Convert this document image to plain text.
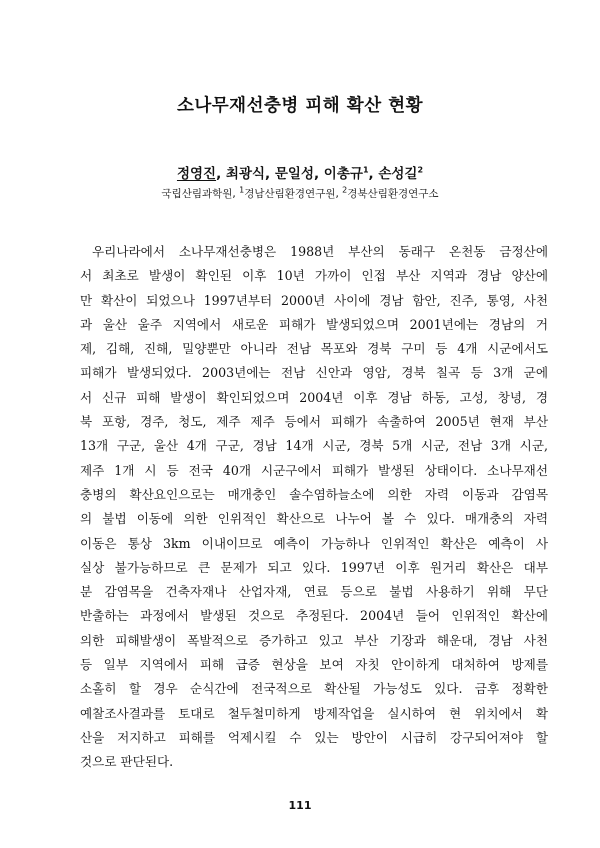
소나무재선충병 피해 확산 현황
정영진, 최광식, 문일성, 이총규$^1$, 손성길$^2$
국립산림과학원, $^1$경남산림환경연구원, $^2$경북산림환경연구소
우리나라에서 소나무재선충병은 1988년 부산의 동래구 온천동 금정산에
서 최초로 발생이 확인된 이후 10년 가까이 인접 부산 지역과 경남 양산에
만 확산이 되었으나 1997년부터 2000년 사이에 경남 함안, 진주, 통영, 사천
과 울산 울주 지역에서 새로운 피해가 발생되었으며 2001년에는 경남의 거
제, 김해, 진해, 밀양뿐만 아니라 전남 목포와 경북 구미 등 4개 시군에서도
피해가 발생되었다. 2003년에는 전남 신안과 영암, 경북 칠곡 등 3개 군에
서 신규 피해 발생이 확인되었으며 2004년 이후 경남 하동, 고성, 창녕, 경
북 포항, 경주, 청도, 제주 제주 등에서 피해가 속출하여 2005년 현재 부산
13개 구군, 울산 4개 구군, 경남 14개 시군, 경북 5개 시군, 전남 3개 시군,
제주 1개 시 등 전국 40개 시군구에서 피해가 발생된 상태이다. 소나무재선
충병의 확산요인으로는 매개충인 솔수염하늘소에 의한 자력 이동과 감염목
의 불법 이동에 의한 인위적인 확산으로 나누어 볼 수 있다. 매개충의 자력
이동은 통상 3km 이내이므로 예측이 가능하나 인위적인 확산은 예측이 사
실상 불가능하므로 큰 문제가 되고 있다. 1997년 이후 원거리 확산은 대부
분 감염목을 건축자재나 산업자재, 연료 등으로 불법 사용하기 위해 무단
반출하는 과정에서 발생된 것으로 추정된다. 2004년 들어 인위적인 확산에
의한 피해발생이 폭발적으로 증가하고 있고 부산 기장과 해운대, 경남 사천
등 일부 지역에서 피해 급증 현상을 보여 자칫 안이하게 대처하여 방제를
소홀히 할 경우 순식간에 전국적으로 확산될 가능성도 있다. 금후 정확한
예찰조사결과를 토대로 철두철미하게 방제작업을 실시하여 현 위치에서 확
산을 저지하고 피해를 억제시킬 수 있는 방안이 시급히 강구되어져야 할
것으로 판단된다.
111
